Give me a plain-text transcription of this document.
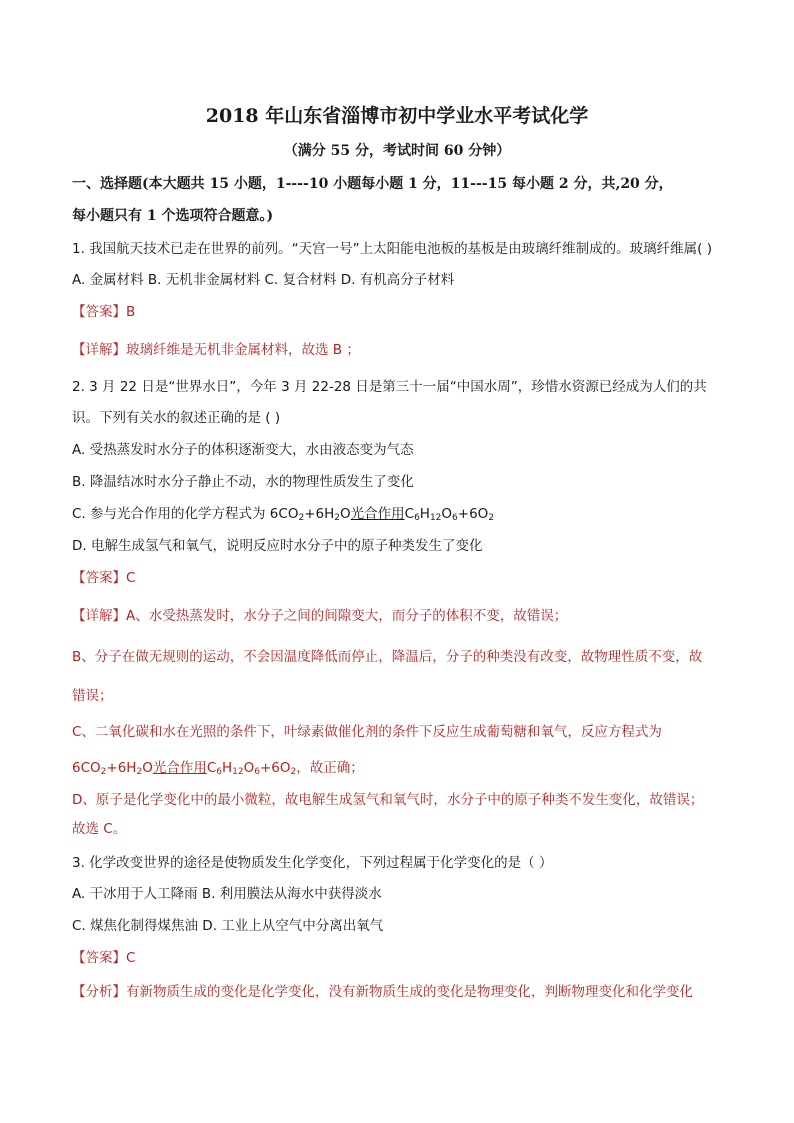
2018 年山东省淄博市初中学业水平考试化学
（满分 55 分，考试时间 60 分钟）
一、选择题(本大题共 15 小题，1----10 小题每小题 1 分，11---15 每小题 2 分，共,20 分，
每小题只有 1 个选项符合题意。)
1. 我国航天技术已走在世界的前列。“天宫一号”上太阳能电池板的基板是由玻璃纤维制成的。玻璃纤维属( )
A. 金属材料 B. 无机非金属材料 C. 复合材料 D. 有机高分子材料
【答案】B
【详解】玻璃纤维是无机非金属材料，故选 B ；
2. 3 月 22 日是“世界水日”，今年 3 月 22-28 日是第三十一届“中国水周”，珍惜水资源已经成为人们的共
识。下列有关水的叙述正确的是 ( )
A. 受热蒸发时水分子的体积逐渐变大，水由液态变为气态
B. 降温结冰时水分子静止不动，水的物理性质发生了变化
C. 参与光合作用的化学方程式为 $6CO_2+6H_2O$光合作用$C_6H_{12}O_6+6O_2$
D. 电解生成氢气和氧气，说明反应时水分子中的原子种类发生了变化
【答案】C
【详解】A、水受热蒸发时，水分子之间的间隙变大，而分子的体积不变，故错误；
B、分子在做无规则的运动，不会因温度降低而停止，降温后，分子的种类没有改变，故物理性质不变，故
错误；
C、二氧化碳和水在光照的条件下，叶绿素做催化剂的条件下反应生成葡萄糖和氧气，反应方程式为
$6CO_2+6H_2O$光合作用$C_6H_{12}O_6+6O_2$，故正确；
D、原子是化学变化中的最小微粒，故电解生成氢气和氧气时，水分子中的原子种类不发生变化，故错误；
故选 C。
3. 化学改变世界的途径是使物质发生化学变化，下列过程属于化学变化的是（ ）
A. 干冰用于人工降雨 B. 利用膜法从海水中获得淡水
C. 煤焦化制得煤焦油 D. 工业上从空气中分离出氧气
【答案】C
【分析】有新物质生成的变化是化学变化，没有新物质生成的变化是物理变化，判断物理变化和化学变化
